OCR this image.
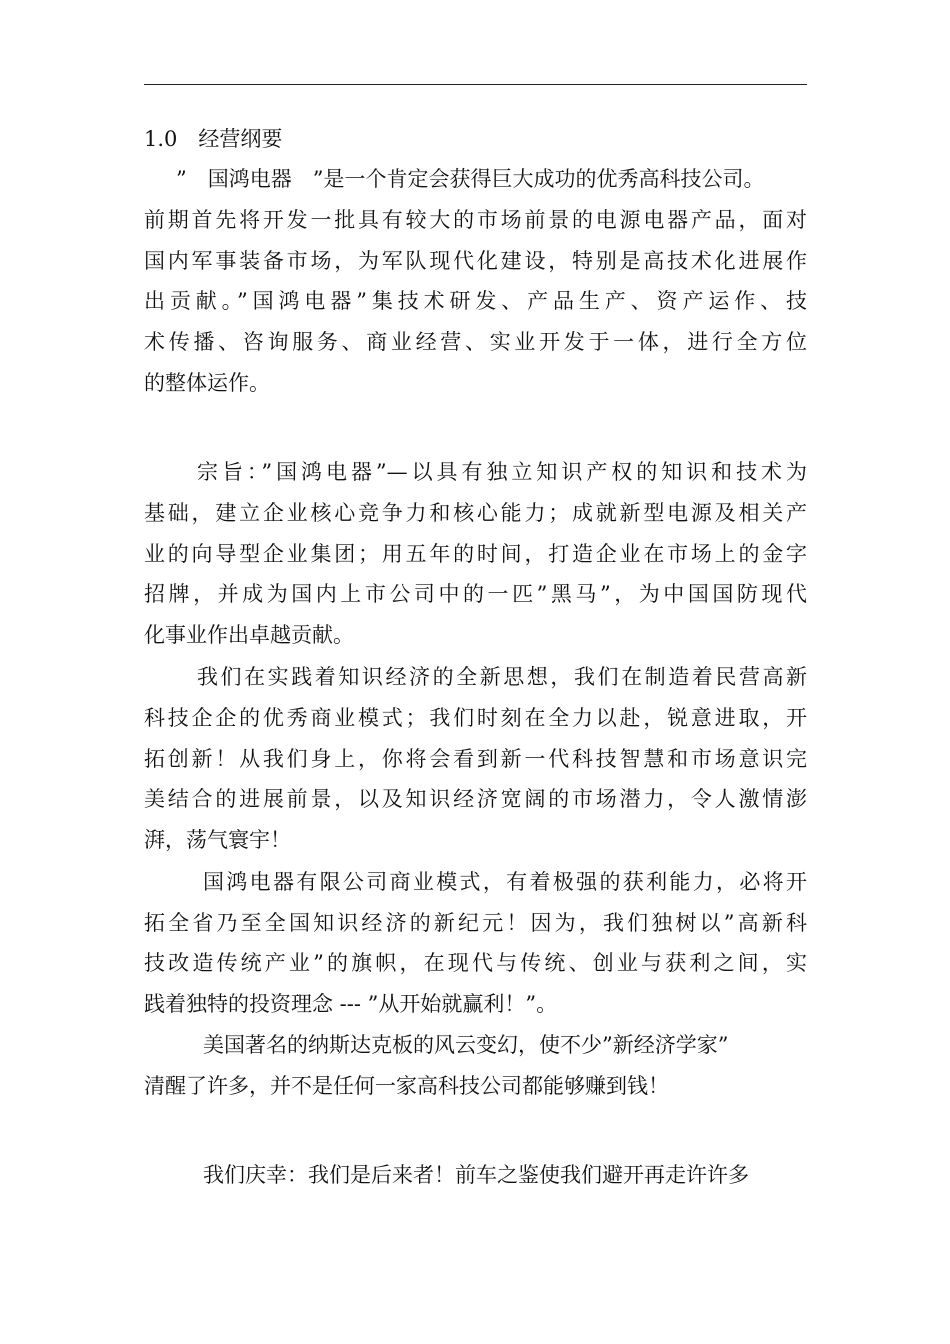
1.0　经营纲要
”　国鸿电器　”是一个肯定会获得巨大成功的优秀高科技公司。
前期首先将开发一批具有较大的市场前景的电源电器产品，面对
国内军事装备市场，为军队现代化建设，特别是高技术化进展作
出贡献。”国鸿电器”集技术研发、产品生产、资产运作、技
术传播、咨询服务、商业经营、实业开发于一体，进行全方位
的整体运作。
宗旨：”国鸿电器”—以具有独立知识产权的知识和技术为
基础，建立企业核心竞争力和核心能力；成就新型电源及相关产
业的向导型企业集团；用五年的时间，打造企业在市场上的金字
招牌，并成为国内上市公司中的一匹”黑马”，为中国国防现代
化事业作出卓越贡献。
我们在实践着知识经济的全新思想，我们在制造着民营高新
科技企企的优秀商业模式；我们时刻在全力以赴，锐意进取，开
拓创新！从我们身上，你将会看到新一代科技智慧和市场意识完
美结合的进展前景，以及知识经济宽阔的市场潜力，令人激情澎
湃，荡气寰宇！
国鸿电器有限公司商业模式，有着极强的获利能力，必将开
拓全省乃至全国知识经济的新纪元！因为，我们独树以”高新科
技改造传统产业”的旗帜，在现代与传统、创业与获利之间，实
践着独特的投资理念 --- ”从开始就赢利！”。
美国著名的纳斯达克板的风云变幻，使不少”新经济学家”
清醒了许多，并不是任何一家高科技公司都能够赚到钱！
我们庆幸：我们是后来者！前车之鉴使我们避开再走许许多
